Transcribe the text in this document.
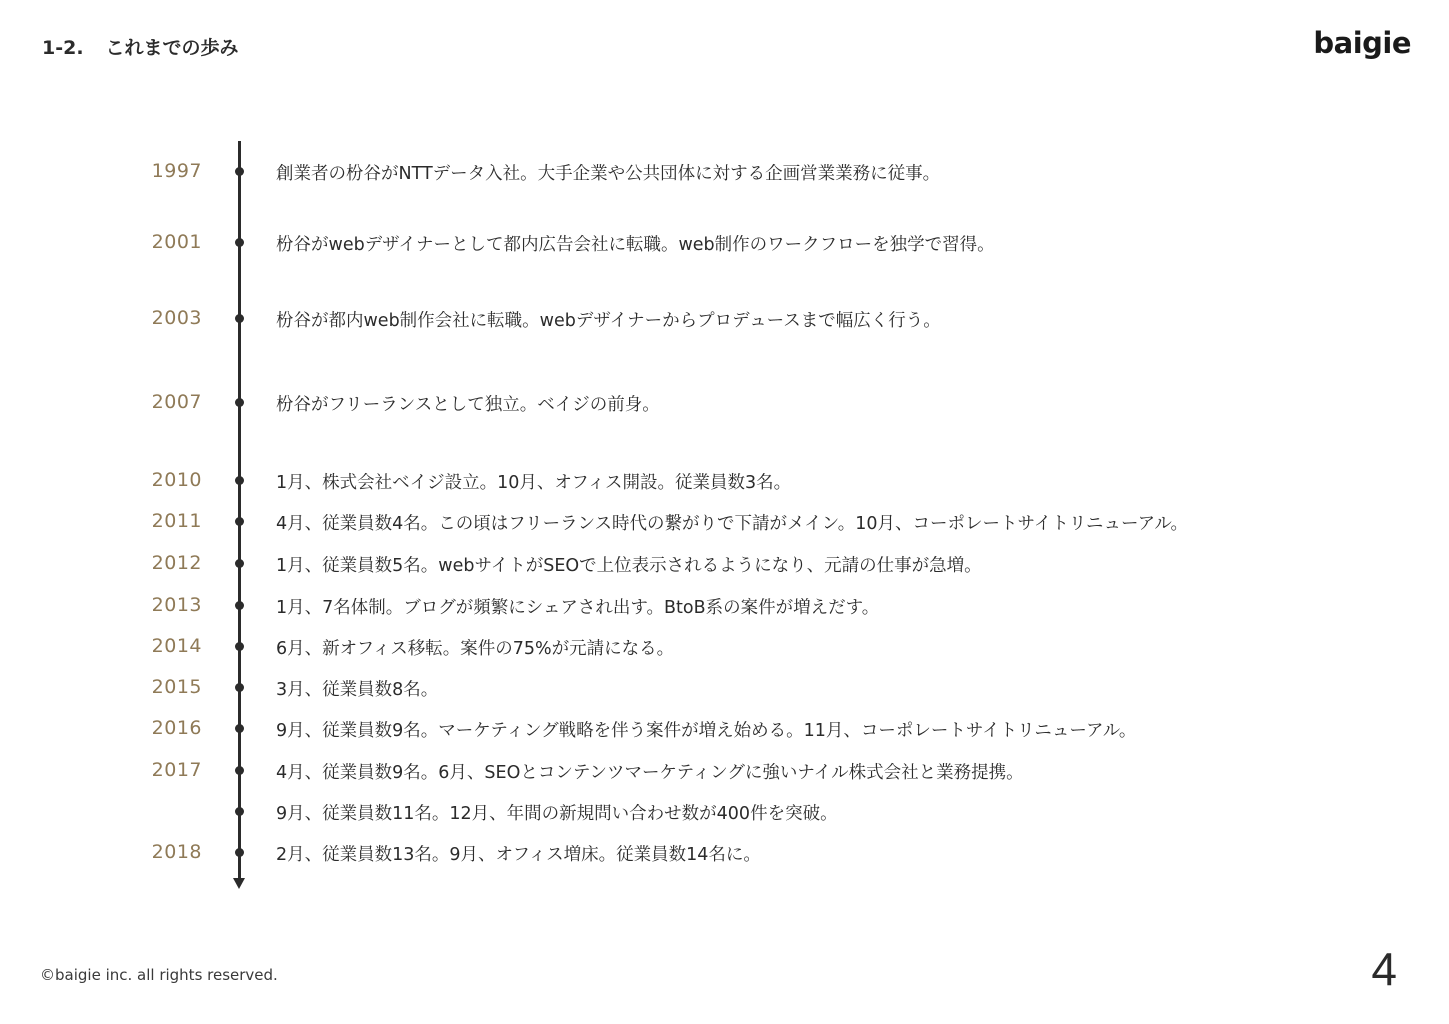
1-2. これまでの歩み	baigie
1997	創業者の枌谷がNTTデータ入社。大手企業や公共団体に対する企画営業業務に従事。
2001	枌谷がwebデザイナーとして都内広告会社に転職。web制作のワークフローを独学で習得。
2003	枌谷が都内web制作会社に転職。webデザイナーからプロデュースまで幅広く行う。
2007	枌谷がフリーランスとして独立。ベイジの前身。
2010	1月、株式会社ベイジ設立。10月、オフィス開設。従業員数3名。
2011	4月、従業員数4名。この頃はフリーランス時代の繋がりで下請がメイン。10月、コーポレートサイトリニューアル。
2012	1月、従業員数5名。webサイトがSEOで上位表示されるようになり、元請の仕事が急増。
2013	1月、7名体制。ブログが頻繁にシェアされ出す。BtoB系の案件が増えだす。
2014	6月、新オフィス移転。案件の75%が元請になる。
2015	3月、従業員数8名。
2016	9月、従業員数9名。マーケティング戦略を伴う案件が増え始める。11月、コーポレートサイトリニューアル。
2017	4月、従業員数9名。6月、SEOとコンテンツマーケティングに強いナイル株式会社と業務提携。
9月、従業員数11名。12月、年間の新規問い合わせ数が400件を突破。
2018	2月、従業員数13名。9月、オフィス増床。従業員数14名に。
©baigie inc. all rights reserved.	4
